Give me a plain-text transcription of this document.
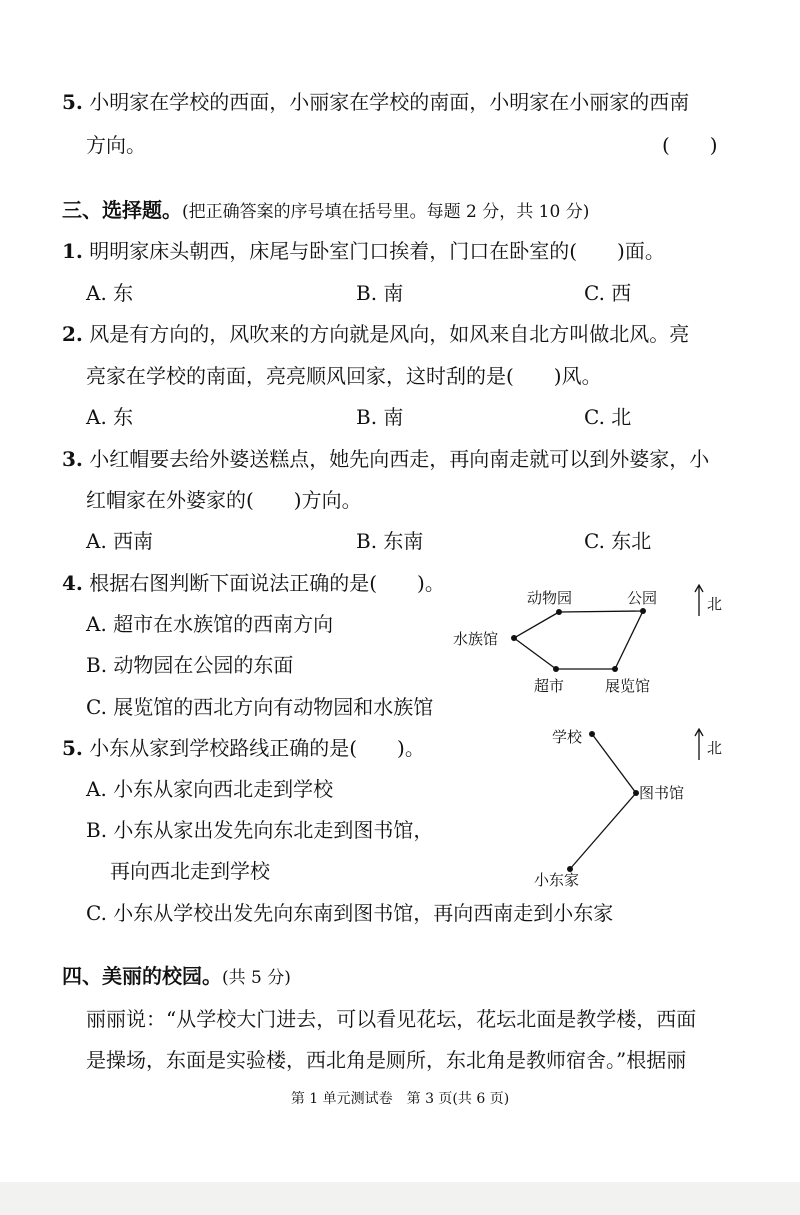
5. 小明家在学校的西面，小丽家在学校的南面，小明家在小丽家的西南
方向。	(　　)
三、选择题。(把正确答案的序号填在括号里。每题 2 分，共 10 分)
1. 明明家床头朝西，床尾与卧室门口挨着，门口在卧室的(　　)面。
A. 东	B. 南	C. 西
2. 风是有方向的，风吹来的方向就是风向，如风来自北方叫做北风。亮
亮家在学校的南面，亮亮顺风回家，这时刮的是(　　)风。
A. 东	B. 南	C. 北
3. 小红帽要去给外婆送糕点，她先向西走，再向南走就可以到外婆家，小
红帽家在外婆家的(　　)方向。
A. 西南	B. 东南	C. 东北
4. 根据右图判断下面说法正确的是(　　)。
A. 超市在水族馆的西南方向
B. 动物园在公园的东面
C. 展览馆的西北方向有动物园和水族馆
动物园	公园
水族馆
超市	展览馆
北
5. 小东从家到学校路线正确的是(　　)。
A. 小东从家向西北走到学校
B. 小东从家出发先向东北走到图书馆，
再向西北走到学校
C. 小东从学校出发先向东南到图书馆，再向西南走到小东家
学校
图书馆
小东家
北
四、美丽的校园。(共 5 分)
丽丽说：“从学校大门进去，可以看见花坛，花坛北面是教学楼，西面
是操场，东面是实验楼，西北角是厕所，东北角是教师宿舍。”根据丽
第 1 单元测试卷　第 3 页(共 6 页)
